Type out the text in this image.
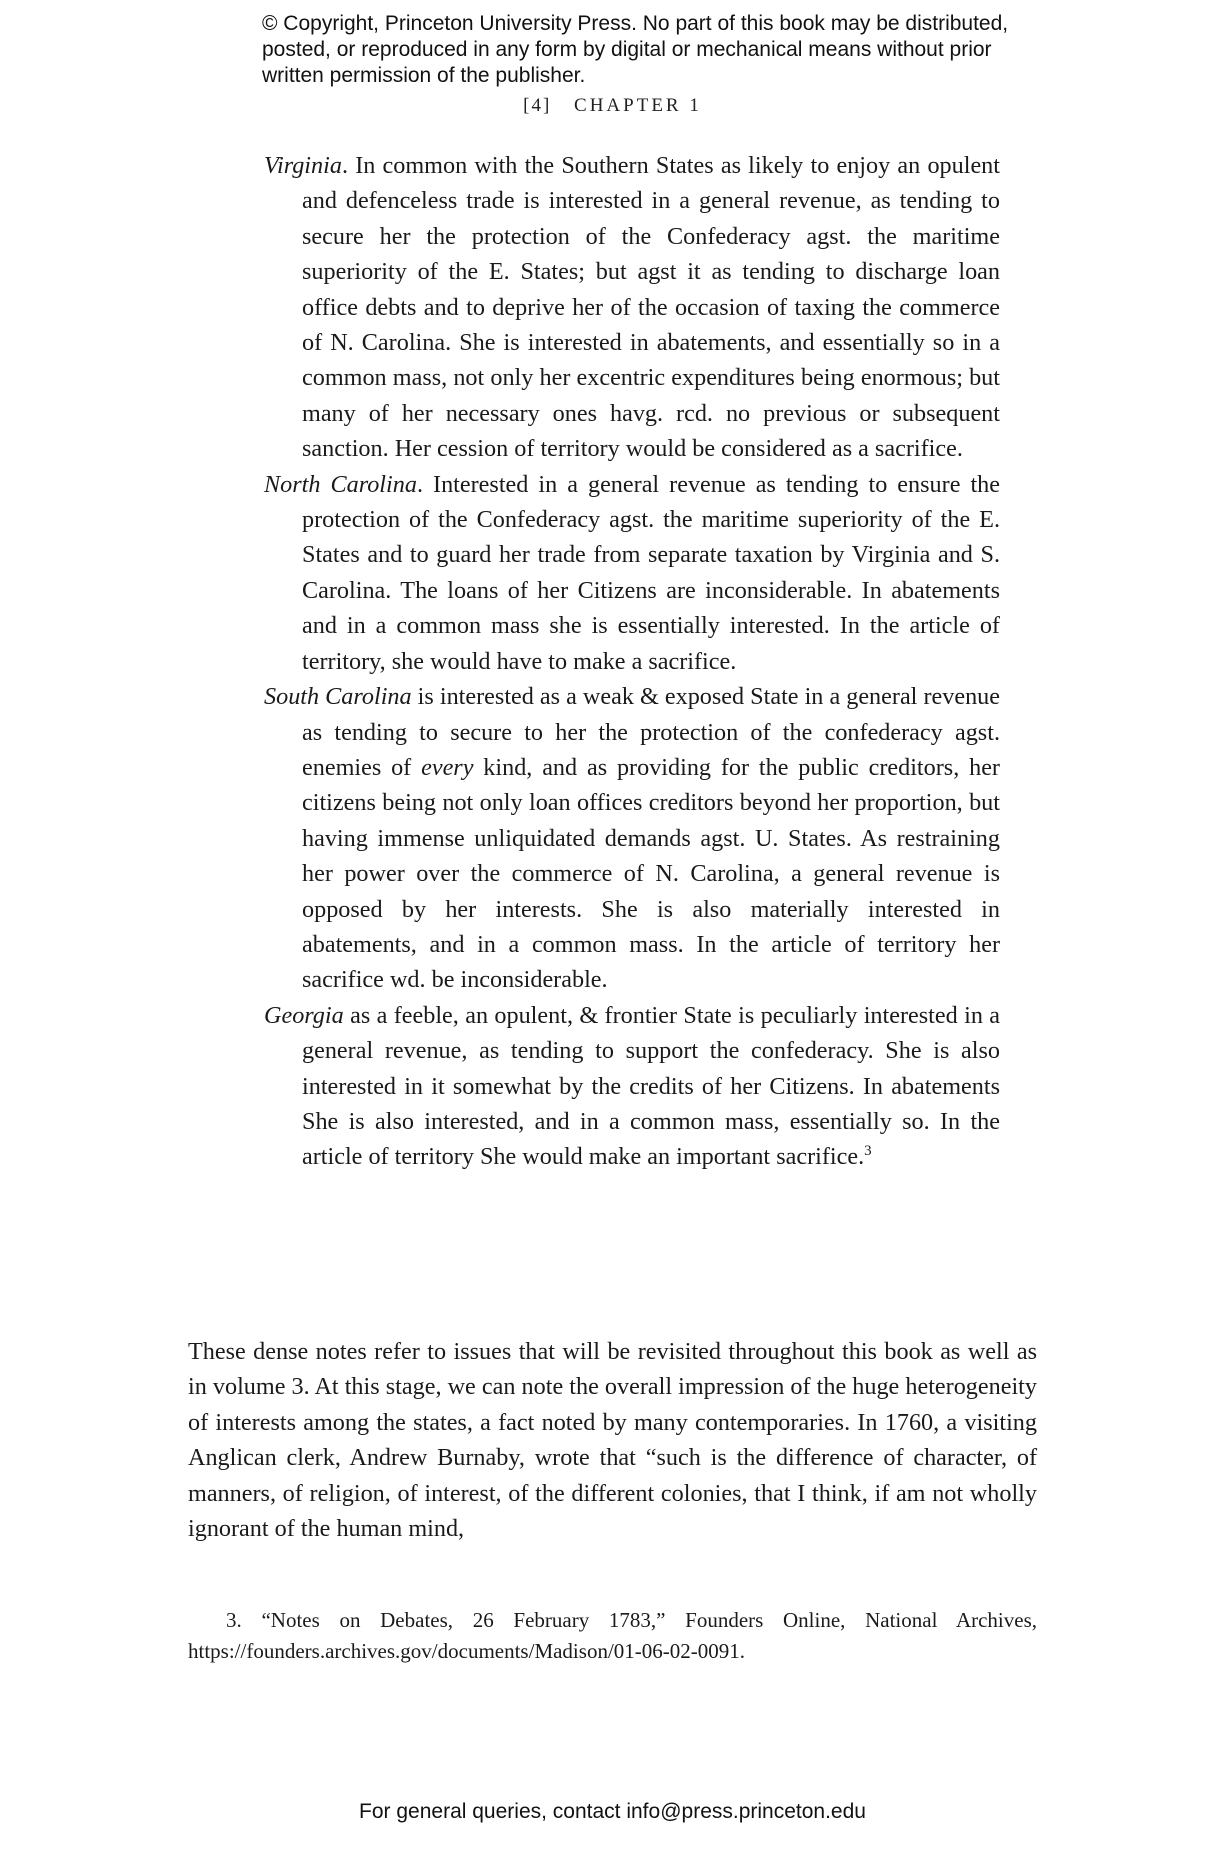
© Copyright, Princeton University Press. No part of this book may be distributed, posted, or reproduced in any form by digital or mechanical means without prior written permission of the publisher.
[4] CHAPTER 1

Virginia. In common with the Southern States as likely to enjoy an opulent and defenceless trade is interested in a general revenue, as tending to secure her the protection of the Confederacy agst. the maritime superiority of the E. States; but agst it as tending to discharge loan office debts and to deprive her of the occasion of taxing the commerce of N. Carolina. She is interested in abatements, and essentially so in a common mass, not only her excentric expenditures being enormous; but many of her necessary ones havg. rcd. no previous or subsequent sanction. Her cession of territory would be considered as a sacrifice.

North Carolina. Interested in a general revenue as tending to ensure the protection of the Confederacy agst. the maritime superiority of the E. States and to guard her trade from separate taxation by Virginia and S. Carolina. The loans of her Citizens are inconsiderable. In abatements and in a common mass she is essentially interested. In the article of territory, she would have to make a sacrifice.

South Carolina is interested as a weak & exposed State in a general revenue as tending to secure to her the protection of the confederacy agst. enemies of every kind, and as providing for the public creditors, her citizens being not only loan offices creditors beyond her proportion, but having immense unliquidated demands agst. U. States. As restraining her power over the commerce of N. Carolina, a general revenue is opposed by her interests. She is also materially interested in abatements, and in a common mass. In the article of territory her sacrifice wd. be inconsiderable.

Georgia as a feeble, an opulent, & frontier State is peculiarly interested in a general revenue, as tending to support the confederacy. She is also interested in it somewhat by the credits of her Citizens. In abatements She is also interested, and in a common mass, essentially so. In the article of territory She would make an important sacrifice.$^3$

These dense notes refer to issues that will be revisited throughout this book as well as in volume 3. At this stage, we can note the overall impression of the huge heterogeneity of interests among the states, a fact noted by many contemporaries. In 1760, a visiting Anglican clerk, Andrew Burnaby, wrote that “such is the difference of character, of manners, of religion, of interest, of the different colonies, that I think, if am not wholly ignorant of the human mind,

3. “Notes on Debates, 26 February 1783,” Founders Online, National Archives, https://founders.archives.gov/documents/Madison/01-06-02-0091.

For general queries, contact info@press.princeton.edu
